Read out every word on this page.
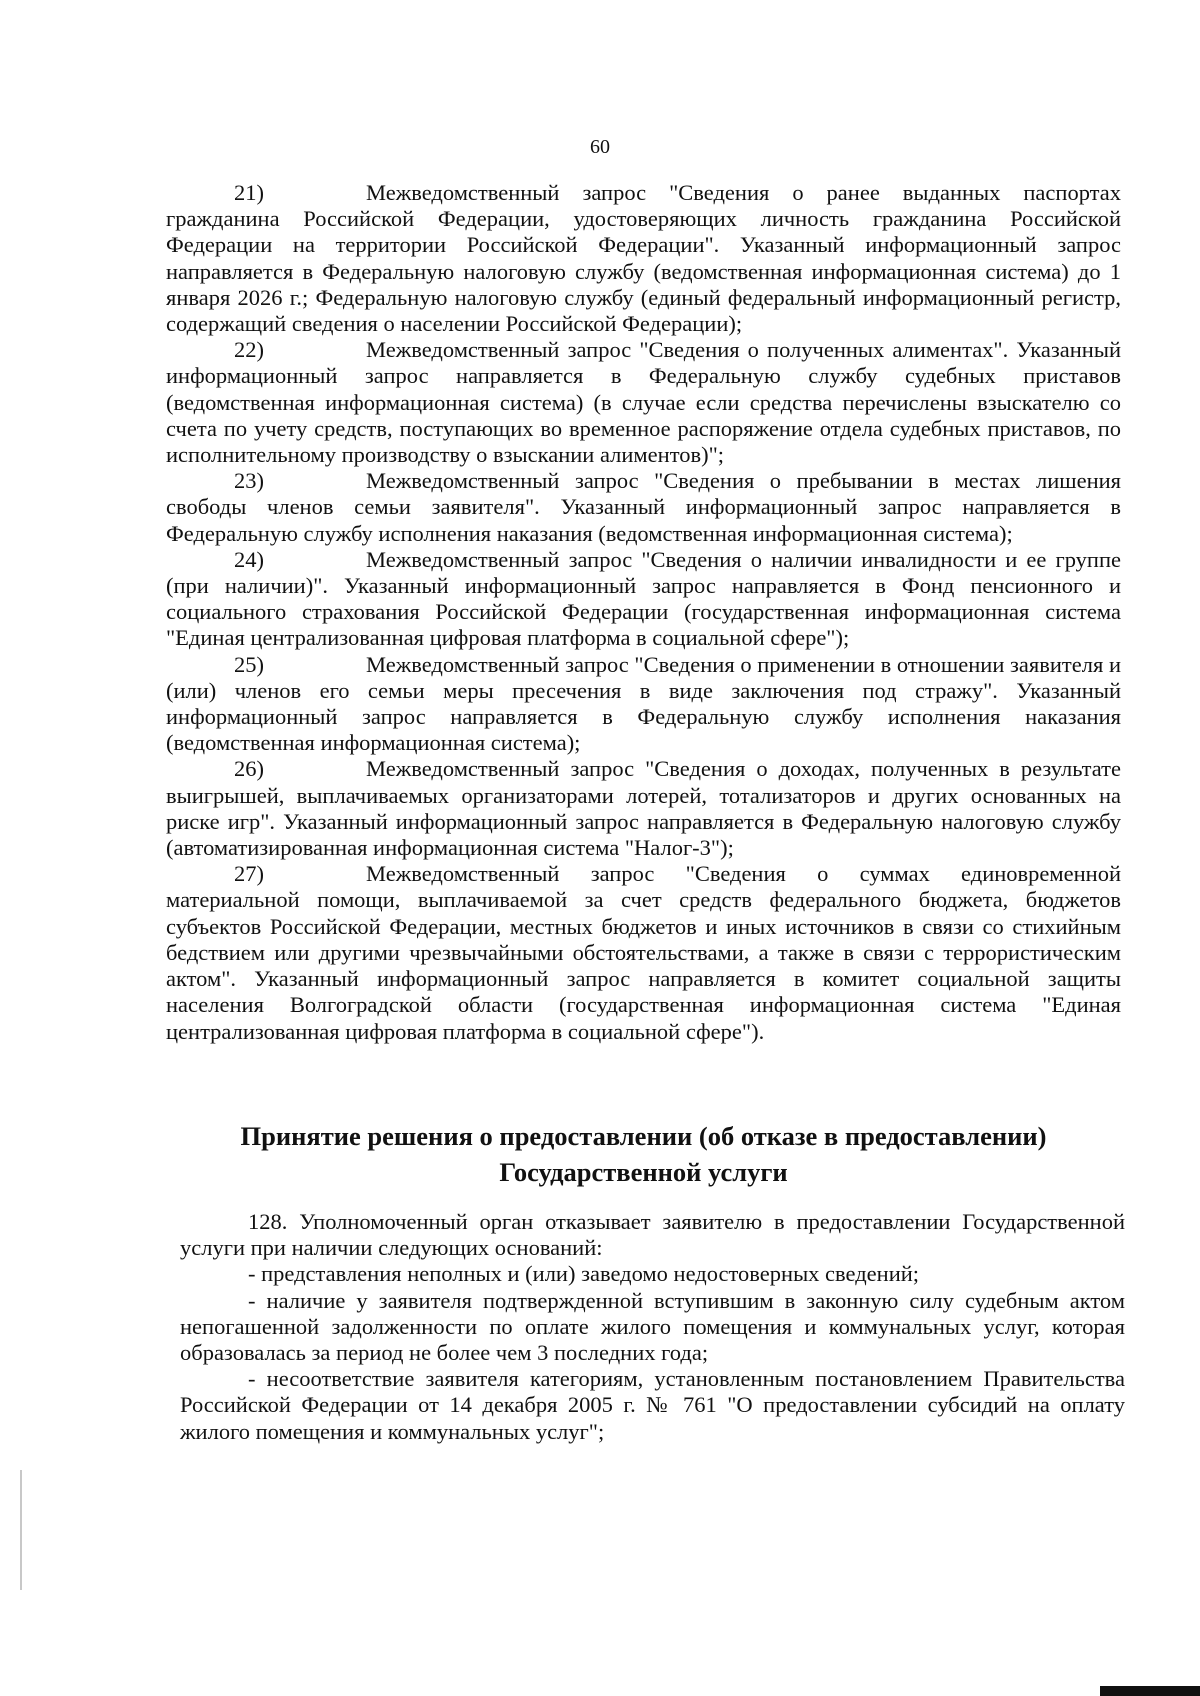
60

21)	Межведомственный запрос "Сведения о ранее выданных паспортах гражданина Российской Федерации, удостоверяющих личность гражданина Российской Федерации на территории Российской Федерации". Указанный информационный запрос направляется в Федеральную налоговую службу (ведомственная информационная система) до 1 января 2026 г.; Федеральную налоговую службу (единый федеральный информационный регистр, содержащий сведения о населении Российской Федерации);

22)	Межведомственный запрос "Сведения о полученных алиментах". Указанный информационный запрос направляется в Федеральную службу судебных приставов (ведомственная информационная система) (в случае если средства перечислены взыскателю со счета по учету средств, поступающих во временное распоряжение отдела судебных приставов, по исполнительному производству о взыскании алиментов)";

23)	Межведомственный запрос "Сведения о пребывании в местах лишения свободы членов семьи заявителя". Указанный информационный запрос направляется в Федеральную службу исполнения наказания (ведомственная информационная система);

24)	Межведомственный запрос "Сведения о наличии инвалидности и ее группе (при наличии)". Указанный информационный запрос направляется в Фонд пенсионного и социального страхования Российской Федерации (государственная информационная система "Единая централизованная цифровая платформа в социальной сфере");

25)	Межведомственный запрос "Сведения о применении в отношении заявителя и (или) членов его семьи меры пресечения в виде заключения под стражу". Указанный информационный запрос направляется в Федеральную службу исполнения наказания (ведомственная информационная система);

26)	Межведомственный запрос "Сведения о доходах, полученных в результате выигрышей, выплачиваемых организаторами лотерей, тотализаторов и других основанных на риске игр". Указанный информационный запрос направляется в Федеральную налоговую службу (автоматизированная информационная система "Налог-3");

27)	Межведомственный запрос "Сведения о суммах единовременной материальной помощи, выплачиваемой за счет средств федерального бюджета, бюджетов субъектов Российской Федерации, местных бюджетов и иных источников в связи со стихийным бедствием или другими чрезвычайными обстоятельствами, а также в связи с террористическим актом". Указанный информационный запрос направляется в комитет социальной защиты населения Волгоградской области (государственная информационная система "Единая централизованная цифровая платформа в социальной сфере").

Принятие решения о предоставлении (об отказе в предоставлении)
Государственной услуги

128. Уполномоченный орган отказывает заявителю в предоставлении Государственной услуги при наличии следующих оснований:

- представления неполных и (или) заведомо недостоверных сведений;

- наличие у заявителя подтвержденной вступившим в законную силу судебным актом непогашенной задолженности по оплате жилого помещения и коммунальных услуг, которая образовалась за период не более чем 3 последних года;

- несоответствие заявителя категориям, установленным постановлением Правительства Российской Федерации от 14 декабря 2005 г. № 761 "О предоставлении субсидий на оплату жилого помещения и коммунальных услуг";
